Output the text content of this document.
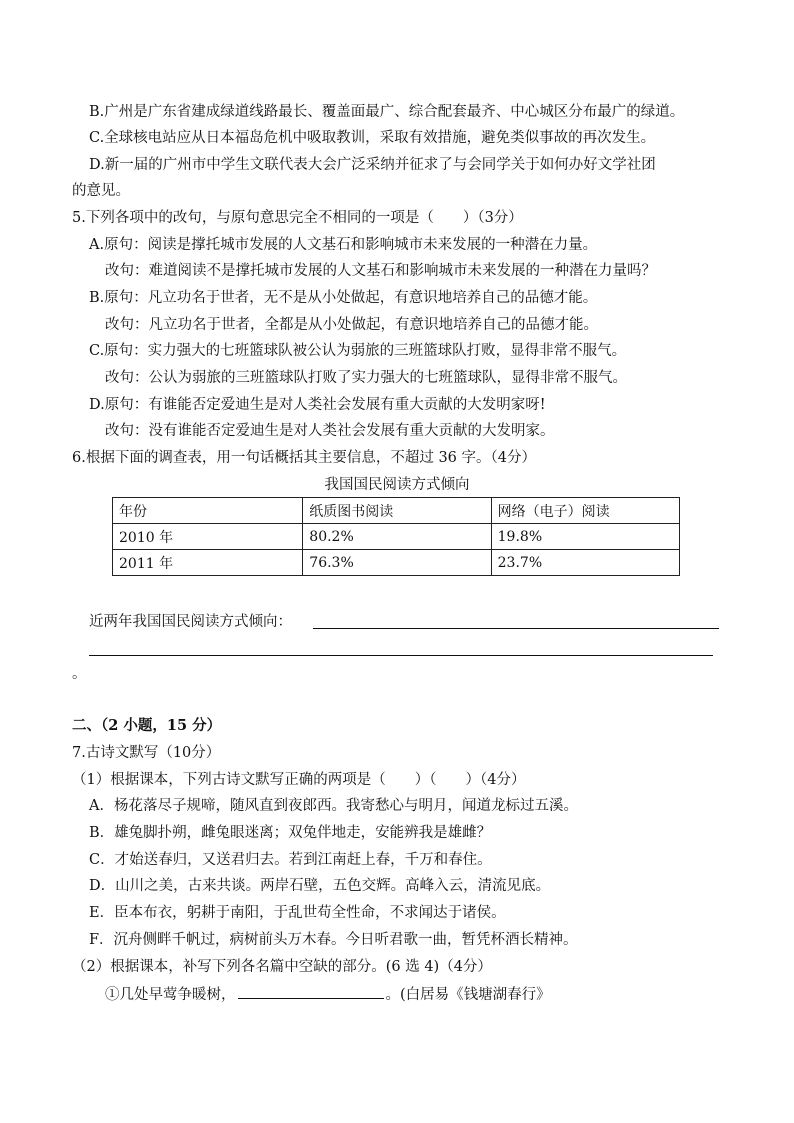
B.广州是广东省建成绿道线路最长、覆盖面最广、综合配套最齐、中心城区分布最广的绿道。
C.全球核电站应从日本福岛危机中吸取教训，采取有效措施，避免类似事故的再次发生。
D.新一届的广州市中学生文联代表大会广泛采纳并征求了与会同学关于如何办好文学社团
的意见。
5.下列各项中的改句，与原句意思完全不相同的一项是（　　）（3分）
A.原句：阅读是撑托城市发展的人文基石和影响城市未来发展的一种潜在力量。
改句：难道阅读不是撑托城市发展的人文基石和影响城市未来发展的一种潜在力量吗？
B.原句：凡立功名于世者，无不是从小处做起，有意识地培养自己的品德才能。
改句：凡立功名于世者，全都是从小处做起，有意识地培养自己的品德才能。
C.原句：实力强大的七班篮球队被公认为弱旅的三班篮球队打败，显得非常不服气。
改句：公认为弱旅的三班篮球队打败了实力强大的七班篮球队，显得非常不服气。
D.原句：有谁能否定爱迪生是对人类社会发展有重大贡献的大发明家呀!
改句：没有谁能否定爱迪生是对人类社会发展有重大贡献的大发明家。
6.根据下面的调查表，用一句话概括其主要信息，不超过 36 字。（4分）
我国国民阅读方式倾向
年份	纸质图书阅读	网络（电子）阅读
2010 年	80.2%	19.8%
2011 年	76.3%	23.7%
近两年我国国民阅读方式倾向：
。
二、（2 小题，15 分）
7.古诗文默写（10分）
（1）根据课本，下列古诗文默写正确的两项是（　　）（　　）（4分）
A．杨花落尽子规啼，随风直到夜郎西。我寄愁心与明月，闻道龙标过五溪。
B．雄兔脚扑朔，雌兔眼迷离；双兔伴地走，安能辨我是雄雌？
C．才始送春归，又送君归去。若到江南赶上春，千万和春住。
D．山川之美，古来共谈。两岸石壁，五色交辉。高峰入云，清流见底。
E．臣本布衣，躬耕于南阳，于乱世苟全性命，不求闻达于诸侯。
F．沉舟侧畔千帆过，病树前头万木春。今日听君歌一曲，暂凭杯酒长精神。
（2）根据课本，补写下列各名篇中空缺的部分。(6 选 4)（4分）
①几处早莺争暖树，	。(白居易《钱塘湖春行》
